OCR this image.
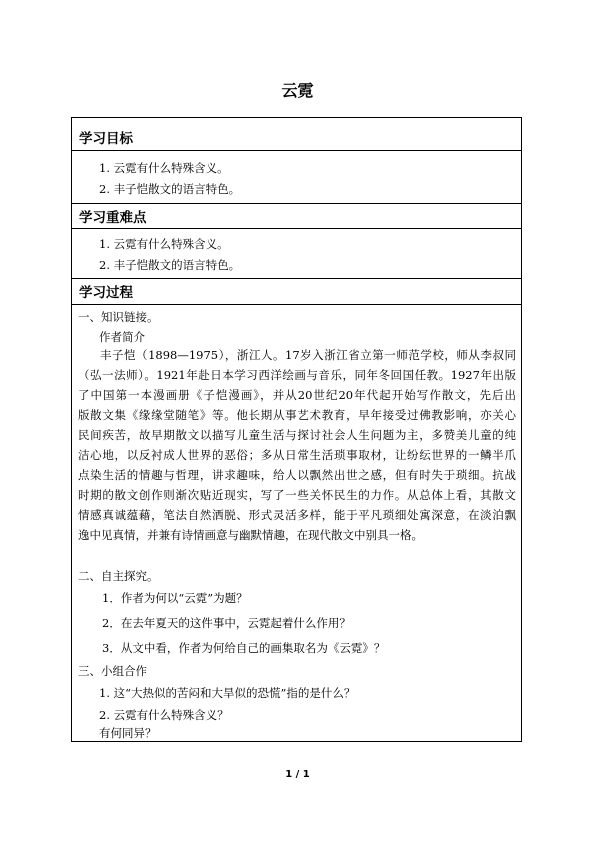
云霓
学习目标
1. 云霓有什么特殊含义。
2. 丰子恺散文的语言特色。
学习重难点
1. 云霓有什么特殊含义。
2. 丰子恺散文的语言特色。
学习过程
一、知识链接。
作者简介
丰子恺（1898—1975），浙江人。17岁入浙江省立第一师范学校，师从李叔同
（弘一法师）。1921年赴日本学习西洋绘画与音乐，同年冬回国任教。1927年出版
了中国第一本漫画册《子恺漫画》，并从20世纪20年代起开始写作散文，先后出
版散文集《缘缘堂随笔》等。他长期从事艺术教育，早年接受过佛教影响，亦关心
民间疾苦，故早期散文以描写儿童生活与探讨社会人生问题为主，多赞美儿童的纯
洁心地，以反衬成人世界的恶俗；多从日常生活琐事取材，让纷纭世界的一鳞半爪
点染生活的情趣与哲理，讲求趣味，给人以飘然出世之感，但有时失于琐细。抗战
时期的散文创作则渐次贴近现实，写了一些关怀民生的力作。从总体上看，其散文
情感真诚蕴藉，笔法自然洒脱、形式灵活多样，能于平凡琐细处寓深意，在淡泊飘
逸中见真情，并兼有诗情画意与幽默情趣，在现代散文中别具一格。
二、自主探究。
1．作者为何以“云霓”为题？
2．在去年夏天的这件事中，云霓起着什么作用？
3．从文中看，作者为何给自己的画集取名为《云霓》？
三、小组合作
1. 这“大热似的苦闷和大旱似的恐慌”指的是什么？
2. 云霓有什么特殊含义？
有何同异？
1 / 1
